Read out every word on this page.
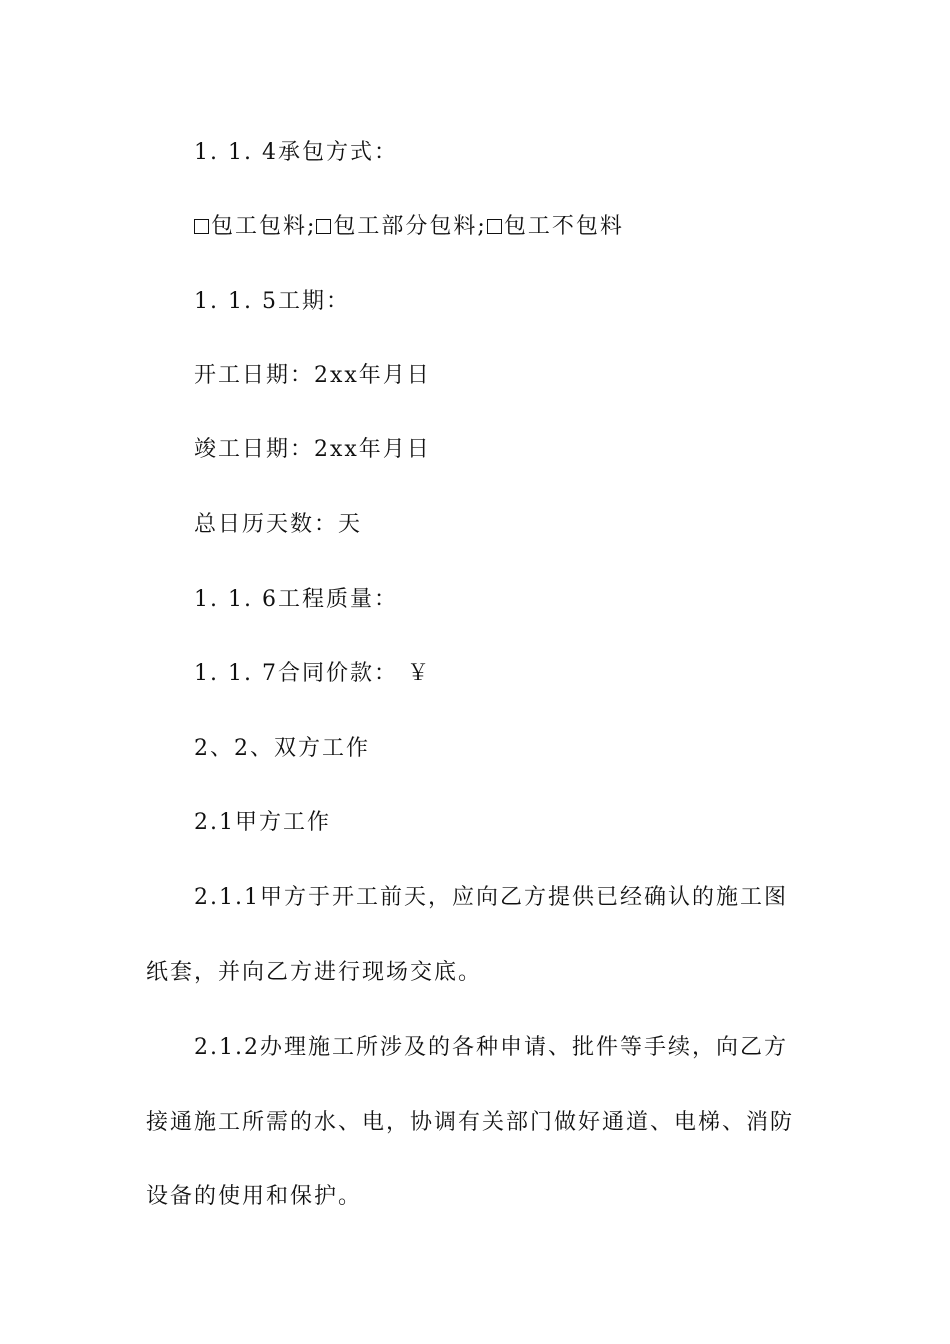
1. 1. 4承包方式：
包工包料; 包工部分包料; 包工不包料
1. 1. 5工期：
开工日期：2xx年月日
竣工日期：2xx年月日
总日历天数：天
1. 1. 6工程质量：
1. 1. 7合同价款： ￥
2、2、双方工作
2.1甲方工作
2.1.1甲方于开工前天，应向乙方提供已经确认的施工图
纸套，并向乙方进行现场交底。
2.1.2办理施工所涉及的各种申请、批件等手续，向乙方
接通施工所需的水、电，协调有关部门做好通道、电梯、消防
设备的使用和保护。
